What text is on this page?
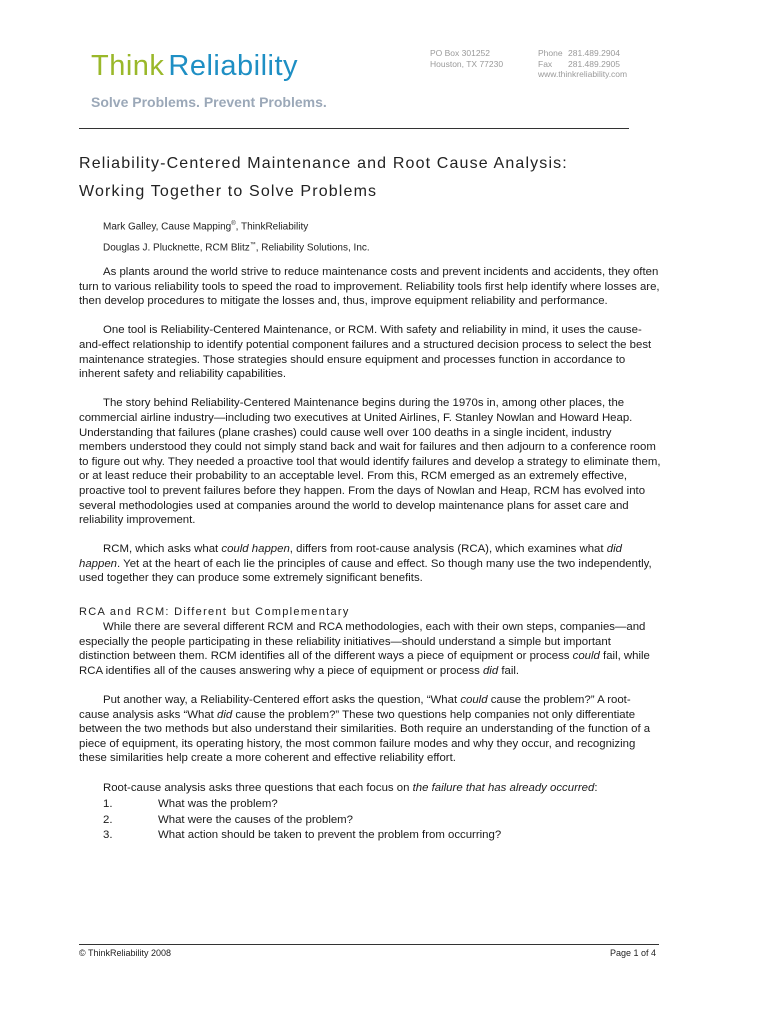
Think Reliability
Solve Problems. Prevent Problems.
PO Box 301252
Houston, TX 77230
Phone 281.489.2904
Fax 281.489.2905
www.thinkreliability.com
Reliability-Centered Maintenance and Root Cause Analysis:
Working Together to Solve Problems
Mark Galley, Cause Mapping®, ThinkReliability
Douglas J. Plucknette, RCM Blitz™, Reliability Solutions, Inc.

As plants around the world strive to reduce maintenance costs and prevent incidents and accidents, they often turn to various reliability tools to speed the road to improvement. Reliability tools first help identify where losses are, then develop procedures to mitigate the losses and, thus, improve equipment reliability and performance.

One tool is Reliability-Centered Maintenance, or RCM. With safety and reliability in mind, it uses the cause-and-effect relationship to identify potential component failures and a structured decision process to select the best maintenance strategies. Those strategies should ensure equipment and processes function in accordance to inherent safety and reliability capabilities.

The story behind Reliability-Centered Maintenance begins during the 1970s in, among other places, the commercial airline industry—including two executives at United Airlines, F. Stanley Nowlan and Howard Heap. Understanding that failures (plane crashes) could cause well over 100 deaths in a single incident, industry members understood they could not simply stand back and wait for failures and then adjourn to a conference room to figure out why. They needed a proactive tool that would identify failures and develop a strategy to eliminate them, or at least reduce their probability to an acceptable level. From this, RCM emerged as an extremely effective, proactive tool to prevent failures before they happen. From the days of Nowlan and Heap, RCM has evolved into several methodologies used at companies around the world to develop maintenance plans for asset care and reliability improvement.

RCM, which asks what could happen, differs from root-cause analysis (RCA), which examines what did happen. Yet at the heart of each lie the principles of cause and effect. So though many use the two independently, used together they can produce some extremely significant benefits.

RCA and RCM: Different but Complementary

While there are several different RCM and RCA methodologies, each with their own steps, companies—and especially the people participating in these reliability initiatives—should understand a simple but important distinction between them. RCM identifies all of the different ways a piece of equipment or process could fail, while RCA identifies all of the causes answering why a piece of equipment or process did fail.

Put another way, a Reliability-Centered effort asks the question, “What could cause the problem?” A root-cause analysis asks “What did cause the problem?” These two questions help companies not only differentiate between the two methods but also understand their similarities. Both require an understanding of the function of a piece of equipment, its operating history, the most common failure modes and why they occur, and recognizing these similarities help create a more coherent and effective reliability effort.

Root-cause analysis asks three questions that each focus on the failure that has already occurred:

1.	What was the problem?
2.	What were the causes of the problem?
3.	What action should be taken to prevent the problem from occurring?
© ThinkReliability 2008	Page 1 of 4
